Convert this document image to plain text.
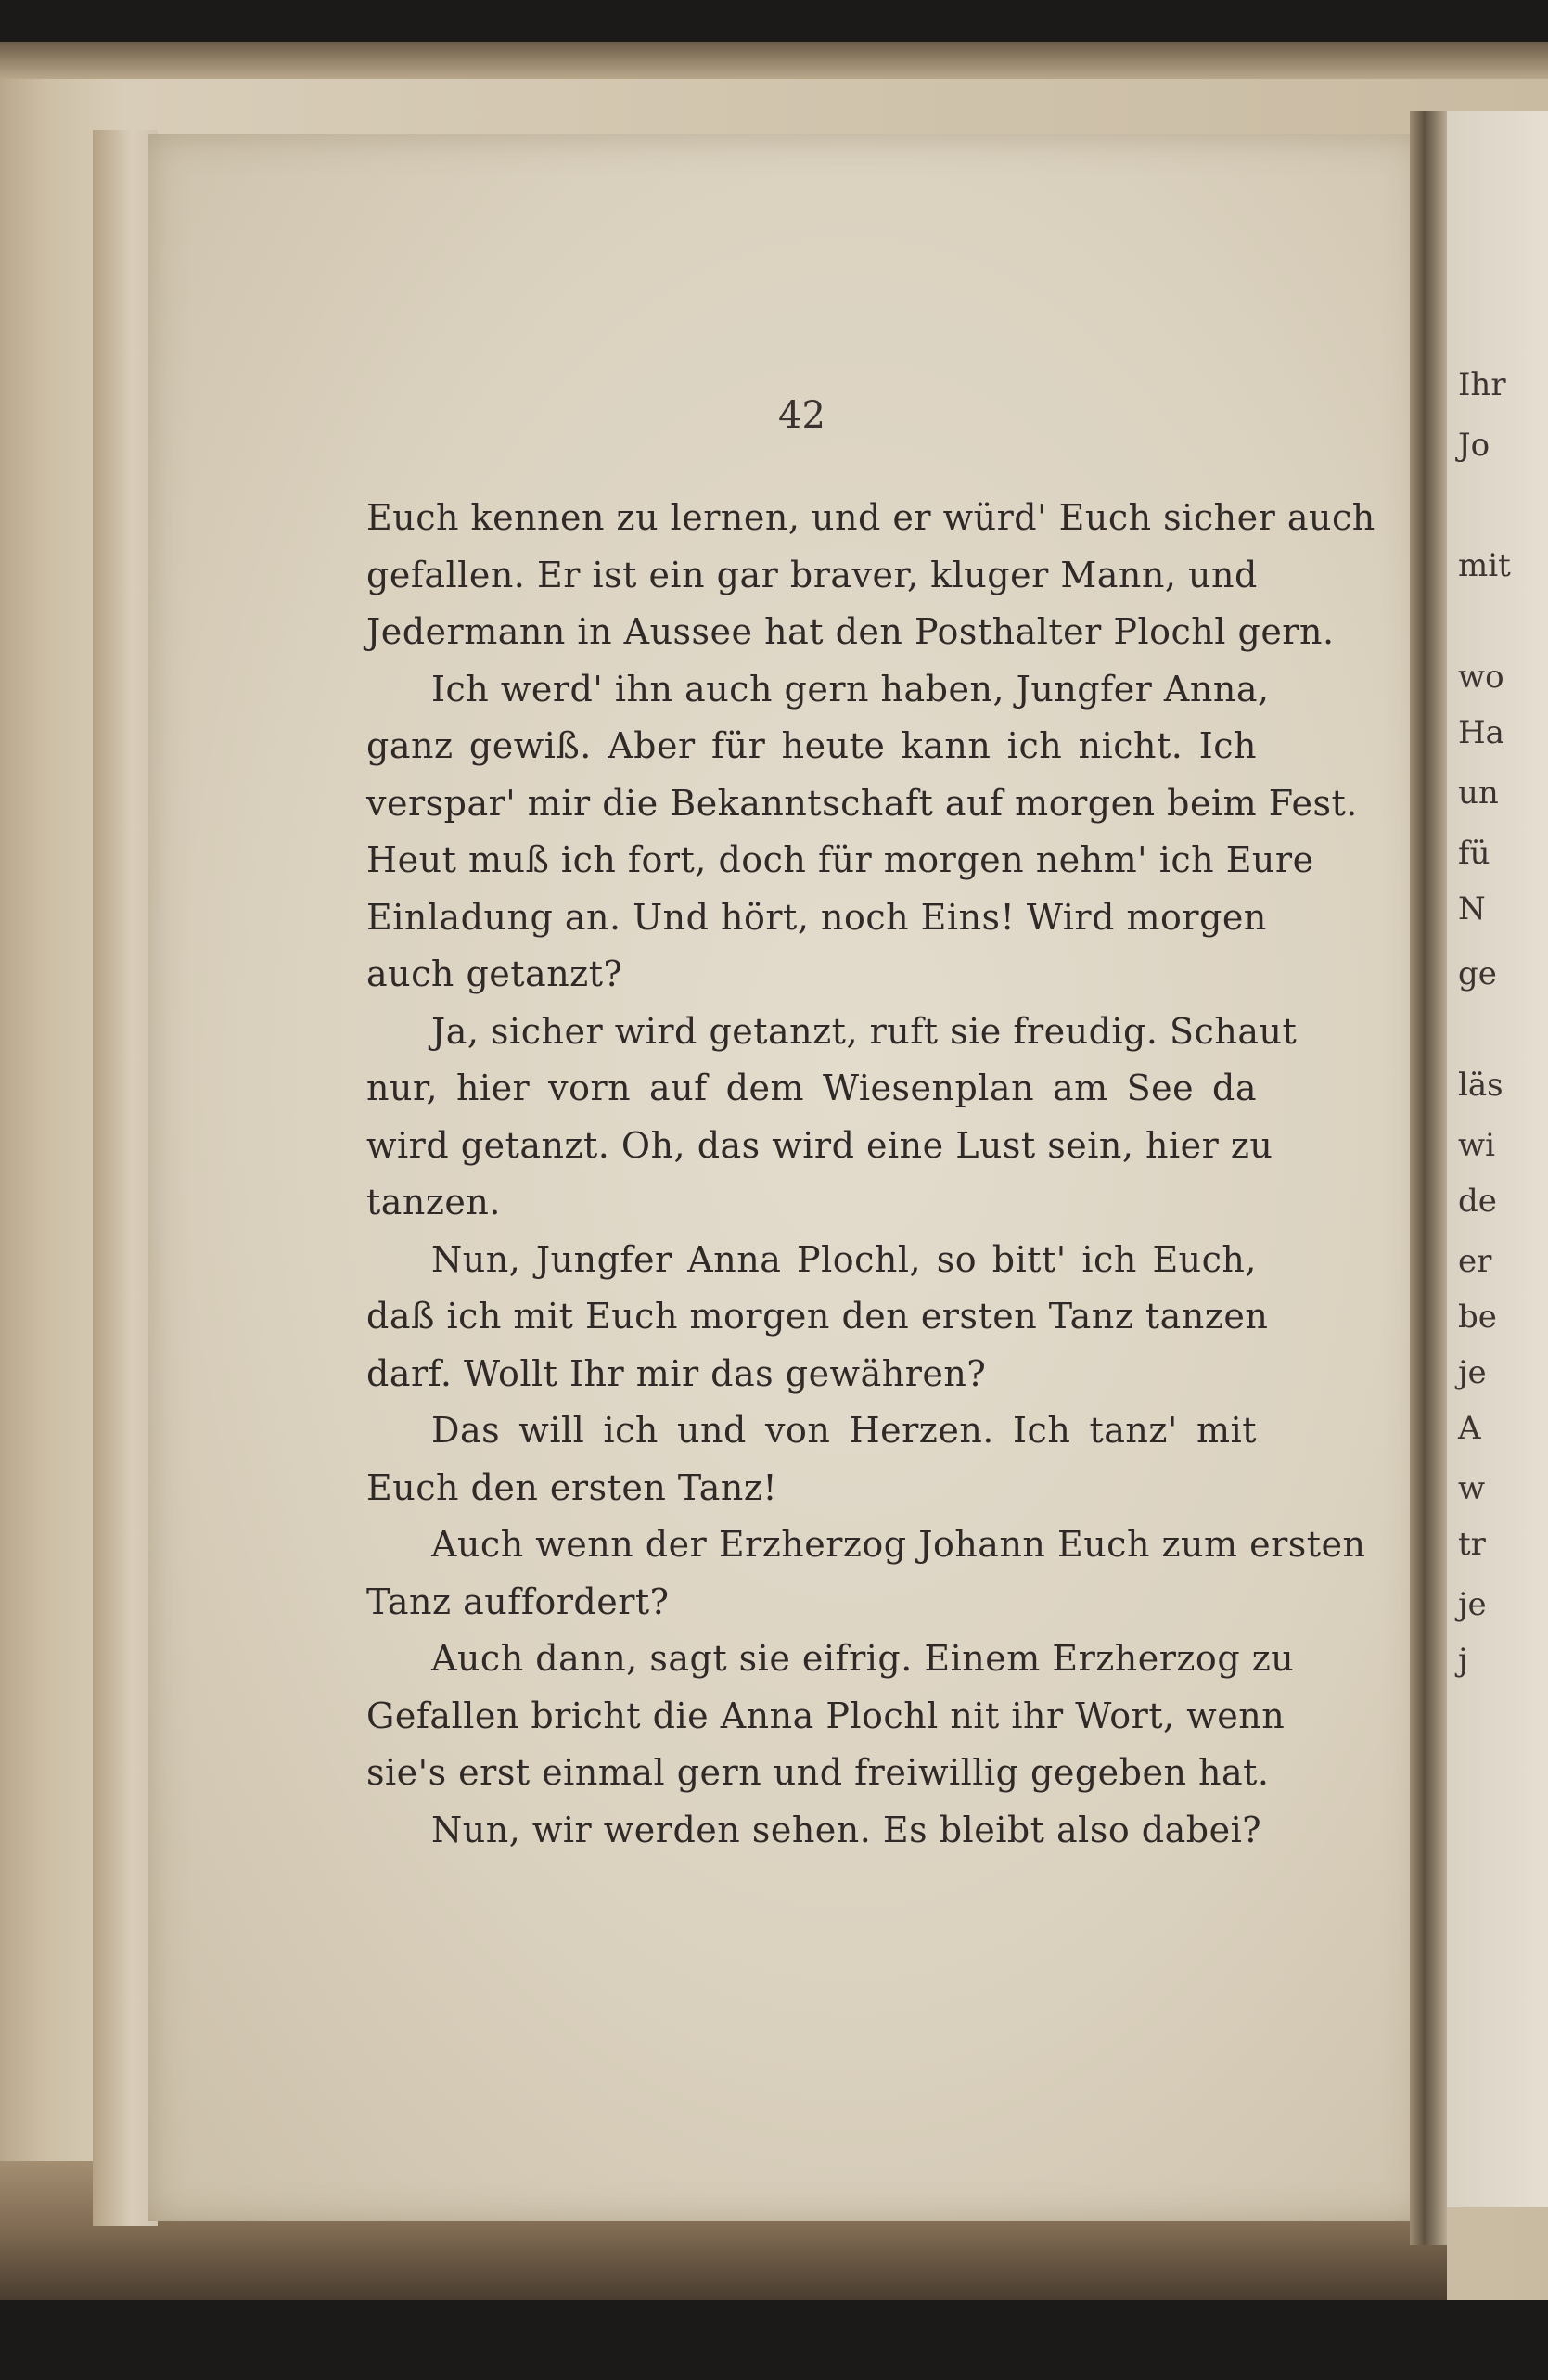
Ihr
Jo
mit
wo
Ha
un
fü
N
ge
läs
wi
de
er
be
je
A
w
tr
je
j
42
Euch kennen zu lernen, und er würd' Euch sicher auch
gefallen. Er ist ein gar braver, kluger Mann, und
Jedermann in Aussee hat den Posthalter Plochl gern.
Ich werd' ihn auch gern haben, Jungfer Anna,
ganz gewiß. Aber für heute kann ich nicht. Ich
verspar' mir die Bekanntschaft auf morgen beim Fest.
Heut muß ich fort, doch für morgen nehm' ich Eure
Einladung an. Und hört, noch Eins! Wird morgen
auch getanzt?
Ja, sicher wird getanzt, ruft sie freudig. Schaut
nur, hier vorn auf dem Wiesenplan am See da
wird getanzt. Oh, das wird eine Lust sein, hier zu
tanzen.
Nun, Jungfer Anna Plochl, so bitt' ich Euch,
daß ich mit Euch morgen den ersten Tanz tanzen
darf. Wollt Ihr mir das gewähren?
Das will ich und von Herzen. Ich tanz' mit
Euch den ersten Tanz!
Auch wenn der Erzherzog Johann Euch zum ersten
Tanz auffordert?
Auch dann, sagt sie eifrig. Einem Erzherzog zu
Gefallen bricht die Anna Plochl nit ihr Wort, wenn
sie's erst einmal gern und freiwillig gegeben hat.
Nun, wir werden sehen. Es bleibt also dabei?
